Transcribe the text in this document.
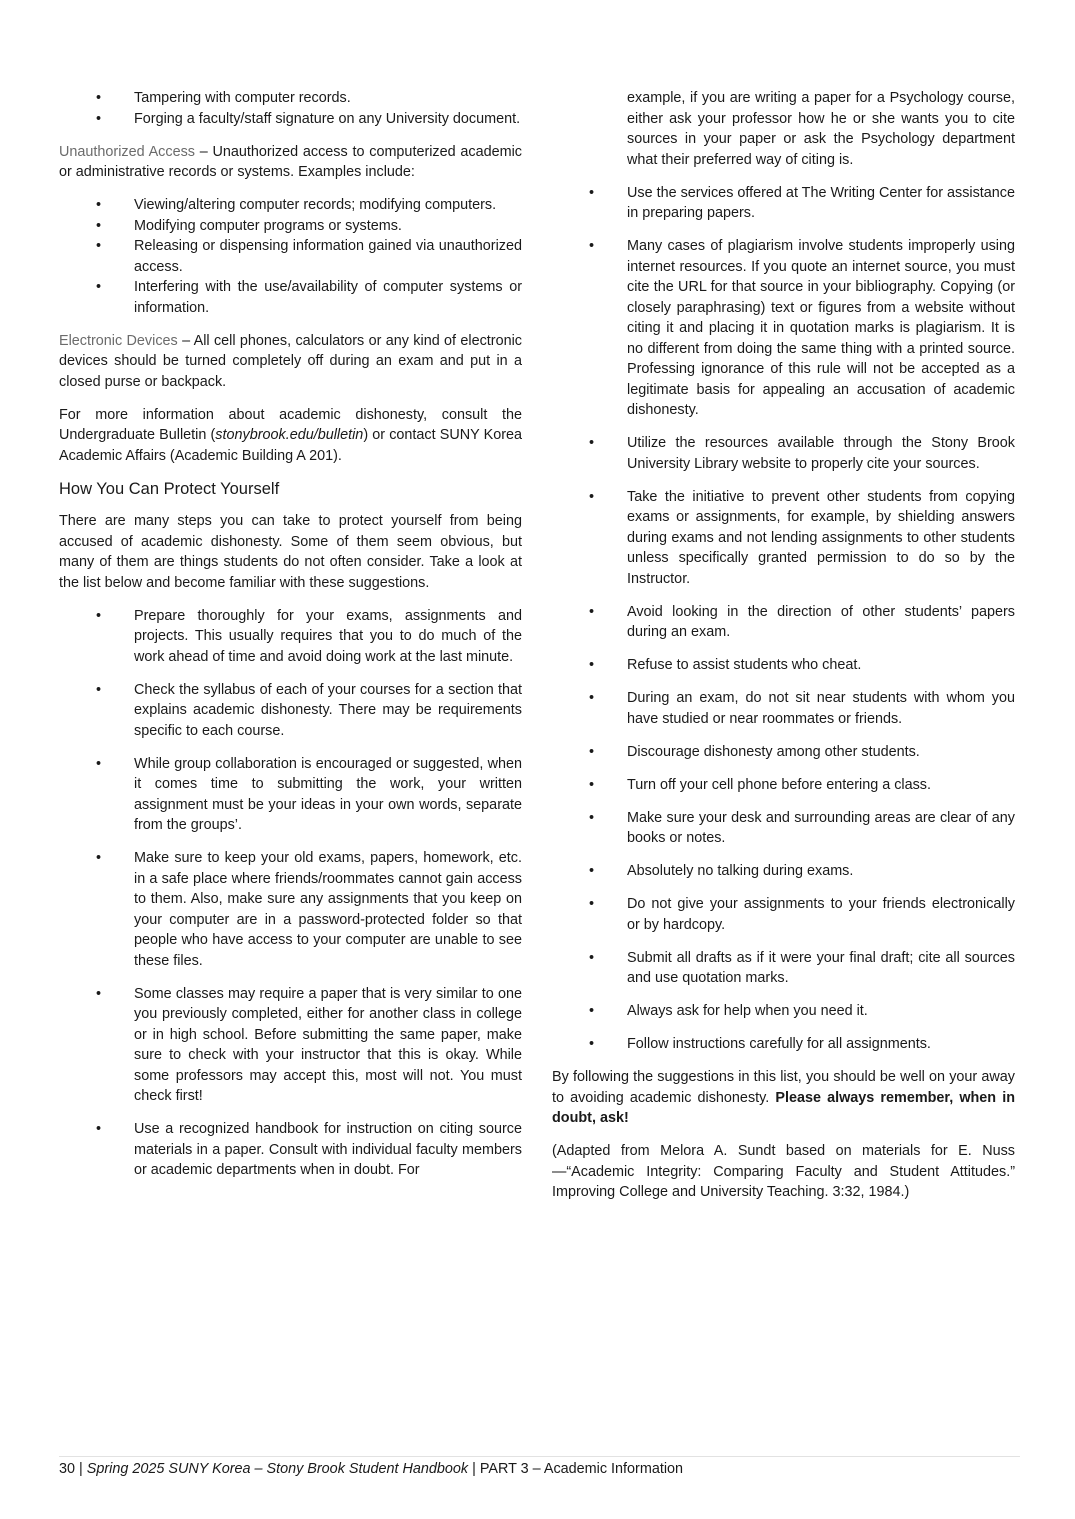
• Tampering with computer records.
• Forging a faculty/staff signature on any University document.

Unauthorized Access – Unauthorized access to computerized academic or administrative records or systems. Examples include:

• Viewing/altering computer records; modifying computers.
• Modifying computer programs or systems.
• Releasing or dispensing information gained via unauthorized access.
• Interfering with the use/availability of computer systems or information.

Electronic Devices – All cell phones, calculators or any kind of electronic devices should be turned completely off during an exam and put in a closed purse or backpack.

For more information about academic dishonesty, consult the Undergraduate Bulletin (stonybrook.edu/bulletin) or contact SUNY Korea Academic Affairs (Academic Building A 201).

How You Can Protect Yourself

There are many steps you can take to protect yourself from being accused of academic dishonesty. Some of them seem obvious, but many of them are things students do not often consider. Take a look at the list below and become familiar with these suggestions.

• Prepare thoroughly for your exams, assignments and projects. This usually requires that you to do much of the work ahead of time and avoid doing work at the last minute.
• Check the syllabus of each of your courses for a section that explains academic dishonesty. There may be requirements specific to each course.
• While group collaboration is encouraged or suggested, when it comes time to submitting the work, your written assignment must be your ideas in your own words, separate from the groups’.
• Make sure to keep your old exams, papers, homework, etc. in a safe place where friends/roommates cannot gain access to them. Also, make sure any assignments that you keep on your computer are in a password-protected folder so that people who have access to your computer are unable to see these files.
• Some classes may require a paper that is very similar to one you previously completed, either for another class in college or in high school. Before submitting the same paper, make sure to check with your instructor that this is okay. While some professors may accept this, most will not. You must check first!
• Use a recognized handbook for instruction on citing source materials in a paper. Consult with individual faculty members or academic departments when in doubt. For
example, if you are writing a paper for a Psychology course, either ask your professor how he or she wants you to cite sources in your paper or ask the Psychology department what their preferred way of citing is.
• Use the services offered at The Writing Center for assistance in preparing papers.
• Many cases of plagiarism involve students improperly using internet resources. If you quote an internet source, you must cite the URL for that source in your bibliography. Copying (or closely paraphrasing) text or figures from a website without citing it and placing it in quotation marks is plagiarism. It is no different from doing the same thing with a printed source. Professing ignorance of this rule will not be accepted as a legitimate basis for appealing an accusation of academic dishonesty.
• Utilize the resources available through the Stony Brook University Library website to properly cite your sources.
• Take the initiative to prevent other students from copying exams or assignments, for example, by shielding answers during exams and not lending assignments to other students unless specifically granted permission to do so by the Instructor.
• Avoid looking in the direction of other students’ papers during an exam.
• Refuse to assist students who cheat.
• During an exam, do not sit near students with whom you have studied or near roommates or friends.
• Discourage dishonesty among other students.
• Turn off your cell phone before entering a class.
• Make sure your desk and surrounding areas are clear of any books or notes.
• Absolutely no talking during exams.
• Do not give your assignments to your friends electronically or by hardcopy.
• Submit all drafts as if it were your final draft; cite all sources and use quotation marks.
• Always ask for help when you need it.
• Follow instructions carefully for all assignments.

By following the suggestions in this list, you should be well on your away to avoiding academic dishonesty. Please always remember, when in doubt, ask!

(Adapted from Melora A. Sundt based on materials for E. Nuss—“Academic Integrity: Comparing Faculty and Student Attitudes.” Improving College and University Teaching. 3:32, 1984.)

30 | Spring 2025 SUNY Korea – Stony Brook Student Handbook | PART 3 – Academic Information
